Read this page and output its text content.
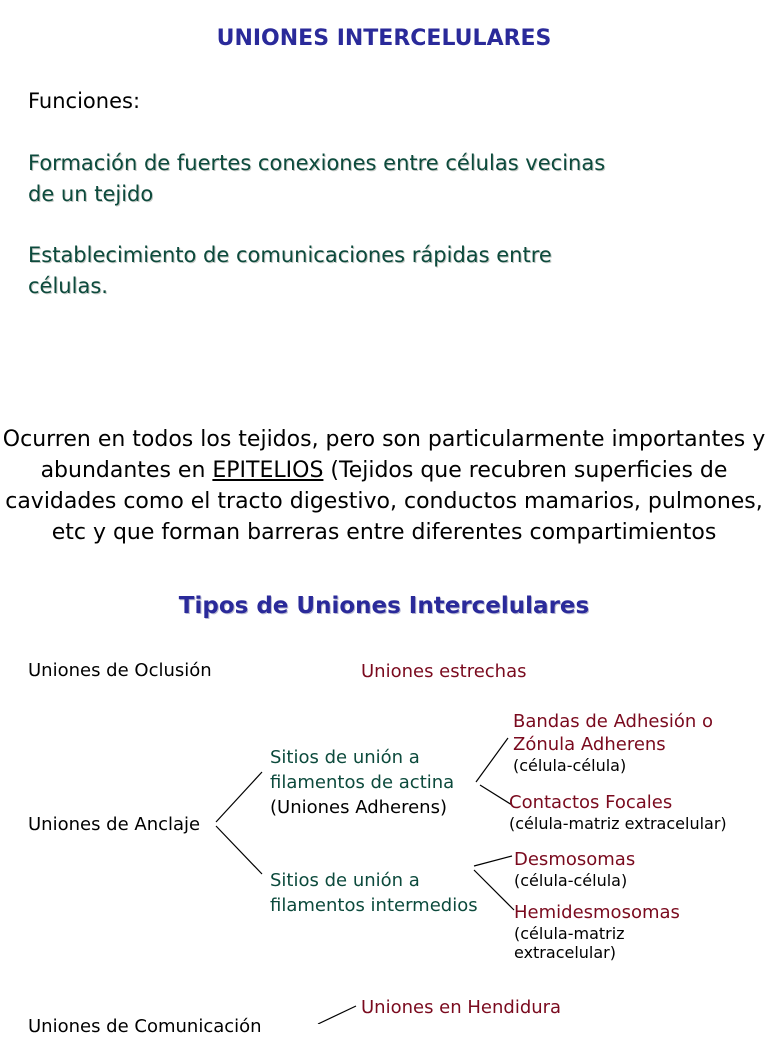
UNIONES INTERCELULARES
Funciones:
Formación de fuertes conexiones entre células vecinas
de un tejido
Establecimiento de comunicaciones rápidas entre
células.
Ocurren en todos los tejidos, pero son particularmente importantes y abundantes en EPITELIOS (Tejidos que recubren superficies de cavidades como el tracto digestivo, conductos mamarios, pulmones, etc y que forman barreras entre diferentes compartimientos
Tipos de Uniones Intercelulares
Uniones de Oclusión	Uniones estrechas
Uniones de Anclaje
Sitios de unión a
filamentos de actina
(Uniones Adherens)
Sitios de unión a
filamentos intermedios
Bandas de Adhesión o
Zónula Adherens
(célula-célula)
Contactos Focales
(célula-matriz extracelular)
Desmosomas
(célula-célula)
Hemidesmosomas
(célula-matriz
extracelular)
Uniones de Comunicación
Uniones en Hendidura
